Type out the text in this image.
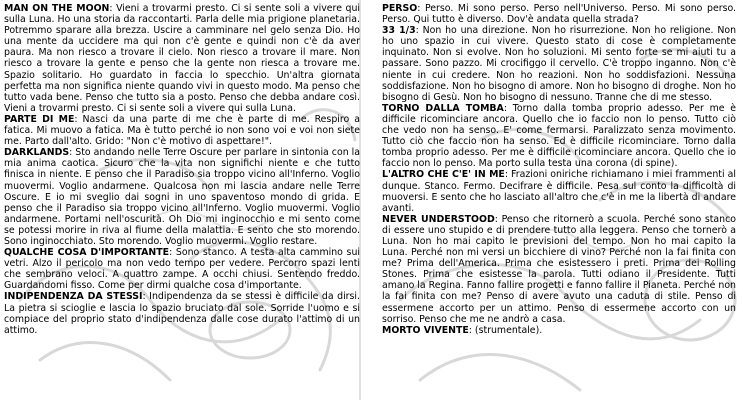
MAN ON THE MOON

: Vieni a trovarmi presto. Ci si sente soli a vivere qui sulla Luna. Ho una storia da raccontarti. Parla delle mia prigione planetaria. Potremmo sparare alla brezza. Uscire a camminare nel gelo senza Dio. Ho una mente da uccidere ma qui non c'è gente e quindi non c'è da aver paura. Ma non riesco a trovare il cielo. Non riesco a trovare il mare. Non riesco a trovare la gente e penso che la gente non riesca a trovare me. Spazio solitario. Ho guardato in faccia lo specchio. Un'altra giornata perfetta ma non significa niente quando vivi in questo modo. Ma penso che tutto vada bene. Penso che tutto sia a posto. Penso che debba andare così. Vieni a trovarmi presto. Ci si sente soli a vivere qui sulla Luna.

PARTE DI ME

: Nasci da una parte di me che è parte di me. Respiro a fatica. Mi muovo a fatica. Ma è tutto perché io non sono voi e voi non siete me. Parto dall'alto. Grido: "Non c'è motivo di aspettare!".

DARKLANDS

: Sto andando nelle Terre Oscure per parlare in sintonia con la mia anima caotica. Sicuro che la vita non significhi niente e che tutto finisca in niente. E penso che il Paradiso sia troppo vicino all'Inferno. Voglio muovermi. Voglio andarmene. Qualcosa non mi lascia andare nelle Terre Oscure. E io mi sveglio dai sogni in uno spaventoso mondo di grida. E penso che il Paradiso sia troppo vicino all'Inferno. Voglio muovermi. Voglio andarmene. Portami nell'oscurità. Oh Dio mi inginocchio e mi sento come se potessi morire in riva al fiume della malattia. E sento che sto morendo. Sono inginocchiato. Sto morendo. Voglio muovermi. Voglio restare.

QUALCHE COSA D'IMPORTANTE

: Sono stanco. A testa alta cammino sui vetri. Alzo il pericolo ma non vedo tempo per vedere. Percorro spazi lenti che sembrano veloci. A quattro zampe. A occhi chiusi. Sentendo freddo. Guardandomi fisso. Come per dirmi qualche cosa d'importante.

INDIPENDENZA DA STESSI

: Indipendenza da se stessi è difficile da dirsi. La pietra si scioglie e lascia lo spazio bruciato dal sole. Sorride l'uomo e si compiace del proprio stato d'indipendenza dalle cose durato l'attimo di un attimo.

PERSO

: Perso. Mi sono perso. Perso nell'Universo. Perso. Mi sono perso. Perso. Qui tutto è diverso. Dov'è andata quella strada?

33 1/3

: Non ho una direzione. Non ho risurrezione. Non ho religione. Non ho uno spazio in cui vivere. Questo stato di cose è completamente inquinato. Non si evolve. Non ho soluzioni. Mi sento forte se mi aiuti tu a passare. Sono pazzo. Mi crocifiggo il cervello. C'è troppo inganno. Non c'è niente in cui credere. Non ho reazioni. Non ho soddisfazioni. Nessuna soddisfazione. Non ho bisogno di amore. Non ho bisogno di droghe. Non ho bisogno di Gesù. Non ho bisogno di nessuno. Tranne che di me stesso.

TORNO DALLA TOMBA

: Torno dalla tomba proprio adesso. Per me è difficile ricominciare ancora. Quello che io faccio non lo penso. Tutto ciò che vedo non ha senso. E' come fermarsi. Paralizzato senza movimento. Tutto ciò che faccio non ha senso. Ed è difficile ricominciare. Torno dalla tomba proprio adesso. Per me è difficile ricominciare ancora. Quello che io faccio non lo penso. Ma porto sulla testa una corona (di spine).

L'ALTRO CHE C'E' IN ME

: Frazioni oniriche richiamano i miei frammenti al dunque. Stanco. Fermo. Decifrare è difficile. Pesa sul conto la difficoltà di muoversi. E sento che ho lasciato all'altro che c'è in me la libertà di andare avanti.

NEVER UNDERSTOOD

: Penso che ritornerò a scuola. Perché sono stanco di essere uno stupido e di prendere tutto alla leggera. Penso che tornerò a Luna. Non ho mai capito le previsioni del tempo. Non ho mai capito la Luna. Perché non mi versi un bicchiere di vino? Perché non la fai finita con me? Prima dell'America. Prima che esistessero i preti. Prima dei Rolling Stones. Prima che esistesse la parola. Tutti odiano il Presidente. Tutti amano la Regina. Fanno fallire progetti e fanno fallire il Pianeta. Perché non la fai finita con me? Penso di avere avuto una caduta di stile. Penso di essermene accorto per un attimo. Penso di essermene accorto con un sorriso. Penso che me ne andrò a casa.

MORTO VIVENTE

: (strumentale).
